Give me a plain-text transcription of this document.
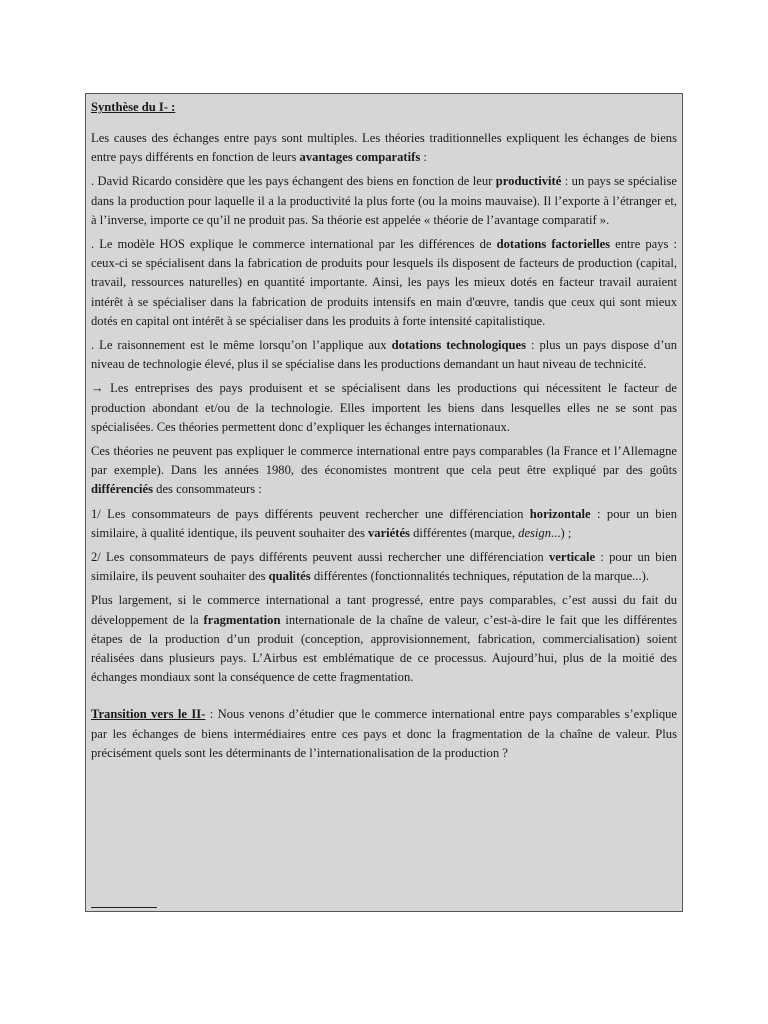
Synthèse du I- :

Les causes des échanges entre pays sont multiples. Les théories traditionnelles expliquent les échanges de biens entre pays différents en fonction de leurs avantages comparatifs :

. David Ricardo considère que les pays échangent des biens en fonction de leur productivité : un pays se spécialise dans la production pour laquelle il a la productivité la plus forte (ou la moins mauvaise). Il l’exporte à l’étranger et, à l’inverse, importe ce qu’il ne produit pas. Sa théorie est appelée « théorie de l’avantage comparatif ».

. Le modèle HOS explique le commerce international par les différences de dotations factorielles entre pays : ceux-ci se spécialisent dans la fabrication de produits pour lesquels ils disposent de facteurs de production (capital, travail, ressources naturelles) en quantité importante. Ainsi, les pays les mieux dotés en facteur travail auraient intérêt à se spécialiser dans la fabrication de produits intensifs en main d'œuvre, tandis que ceux qui sont mieux dotés en capital ont intérêt à se spécialiser dans les produits à forte intensité capitalistique.

. Le raisonnement est le même lorsqu’on l’applique aux dotations technologiques : plus un pays dispose d’un niveau de technologie élevé, plus il se spécialise dans les productions demandant un haut niveau de technicité.

→ Les entreprises des pays produisent et se spécialisent dans les productions qui nécessitent le facteur de production abondant et/ou de la technologie. Elles importent les biens dans lesquelles elles ne se sont pas spécialisées. Ces théories permettent donc d’expliquer les échanges internationaux.

Ces théories ne peuvent pas expliquer le commerce international entre pays comparables (la France et l’Allemagne par exemple). Dans les années 1980, des économistes montrent que cela peut être expliqué par des goûts différenciés des consommateurs :

1/ Les consommateurs de pays différents peuvent rechercher une différenciation horizontale : pour un bien similaire, à qualité identique, ils peuvent souhaiter des variétés différentes (marque, design...) ;

2/ Les consommateurs de pays différents peuvent aussi rechercher une différenciation verticale : pour un bien similaire, ils peuvent souhaiter des qualités différentes (fonctionnalités techniques, réputation de la marque...).

Plus largement, si le commerce international a tant progressé, entre pays comparables, c’est aussi du fait du développement de la fragmentation internationale de la chaîne de valeur, c’est-à-dire le fait que les différentes étapes de la production d’un produit (conception, approvisionnement, fabrication, commercialisation) soient réalisées dans plusieurs pays. L’Airbus est emblématique de ce processus. Aujourd’hui, plus de la moitié des échanges mondiaux sont la conséquence de cette fragmentation.

Transition vers le II- : Nous venons d’étudier que le commerce international entre pays comparables s’explique par les échanges de biens intermédiaires entre ces pays et donc la fragmentation de la chaîne de valeur. Plus précisément quels sont les déterminants de l’internationalisation de la production ?
